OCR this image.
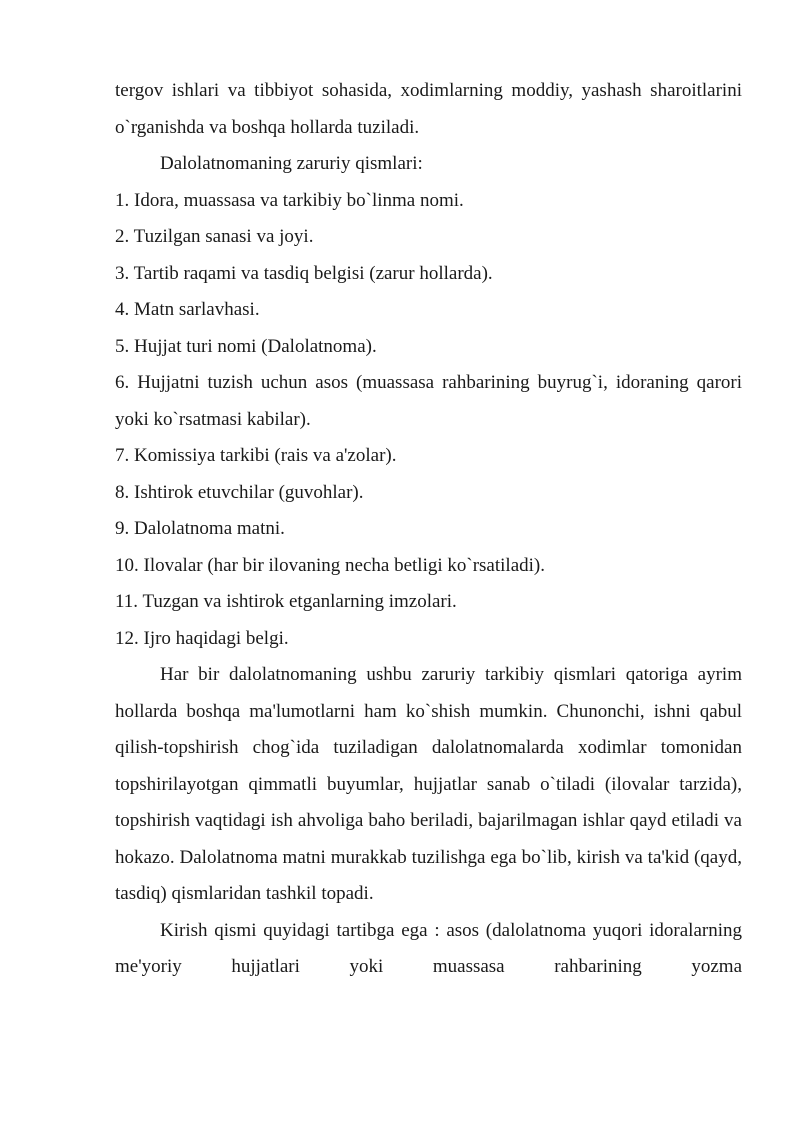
tergov ishlari va tibbiyot sohasida, xodimlarning moddiy, yashash sharoitlarini o`rganishda va boshqa hollarda tuziladi.

Dalolatnomaning zaruriy qismlari:

1. Idora, muassasa va tarkibiy bo`linma nomi.

2. Tuzilgan sanasi va joyi.

3. Tartib raqami va tasdiq belgisi (zarur hollarda).

4. Matn sarlavhasi.

5. Hujjat turi nomi (Dalolatnoma).

6. Hujjatni tuzish uchun asos (muassasa rahbarining buyrug`i, idoraning qarori yoki ko`rsatmasi kabilar).

7. Komissiya tarkibi (rais va a'zolar).

8. Ishtirok etuvchilar (guvohlar).

9. Dalolatnoma matni.

10. Ilovalar (har bir ilovaning necha betligi ko`rsatiladi).

11. Tuzgan va ishtirok etganlarning imzolari.

12. Ijro haqidagi belgi.

Har bir dalolatnomaning ushbu zaruriy tarkibiy qismlari qatoriga ayrim hollarda boshqa ma'lumotlarni ham ko`shish mumkin. Chunonchi, ishni qabul qilish-topshirish chog`ida tuziladigan dalolatnomalarda xodimlar tomonidan topshirilayotgan qimmatli buyumlar, hujjatlar sanab o`tiladi (ilovalar tarzida), topshirish vaqtidagi ish ahvoliga baho beriladi, bajarilmagan ishlar qayd etiladi va hokazo. Dalolatnoma matni murakkab tuzilishga ega bo`lib, kirish va ta'kid (qayd, tasdiq) qismlaridan tashkil topadi.

Kirish qismi quyidagi tartibga ega : asos (dalolatnoma yuqori idoralarning me'yoriy hujjatlari yoki muassasa rahbarining yozma
